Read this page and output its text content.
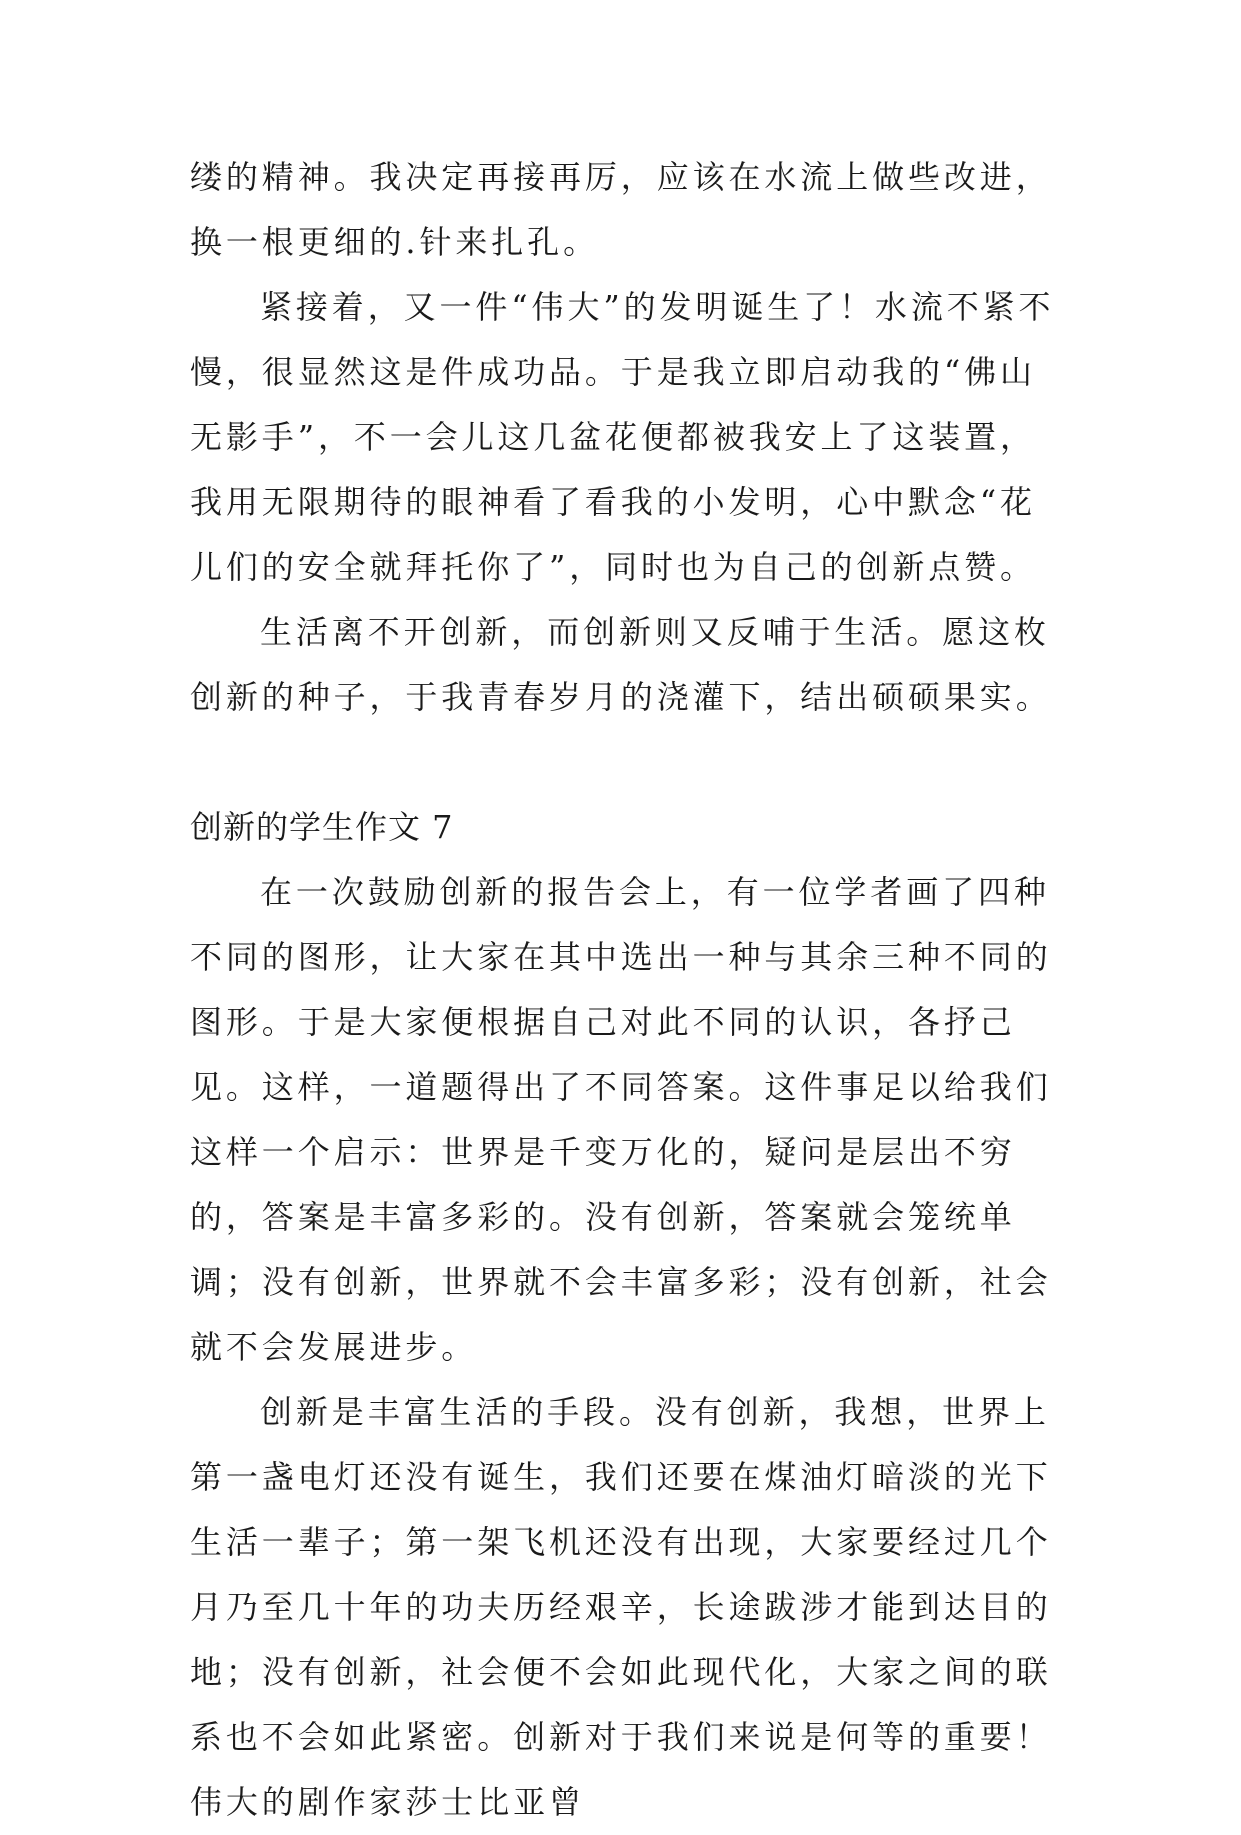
缕的精神。我决定再接再厉，应该在水流上做些改进，换一根更细的.针来扎孔。

紧接着，又一件“伟大”的发明诞生了！水流不紧不慢，很显然这是件成功品。于是我立即启动我的“佛山无影手”，不一会儿这几盆花便都被我安上了这装置，我用无限期待的眼神看了看我的小发明，心中默念“花儿们的安全就拜托你了”，同时也为自己的创新点赞。

生活离不开创新，而创新则又反哺于生活。愿这枚创新的种子，于我青春岁月的浇灌下，结出硕硕果实。

创新的学生作文 7

在一次鼓励创新的报告会上，有一位学者画了四种不同的图形，让大家在其中选出一种与其余三种不同的图形。于是大家便根据自己对此不同的认识，各抒己见。这样，一道题得出了不同答案。这件事足以给我们这样一个启示：世界是千变万化的，疑问是层出不穷的，答案是丰富多彩的。没有创新，答案就会笼统单调；没有创新，世界就不会丰富多彩；没有创新，社会就不会发展进步。

创新是丰富生活的手段。没有创新，我想，世界上第一盏电灯还没有诞生，我们还要在煤油灯暗淡的光下生活一辈子；第一架飞机还没有出现，大家要经过几个月乃至几十年的功夫历经艰辛，长途跋涉才能到达目的地；没有创新，社会便不会如此现代化，大家之间的联系也不会如此紧密。创新对于我们来说是何等的重要！伟大的剧作家莎士比亚曾
